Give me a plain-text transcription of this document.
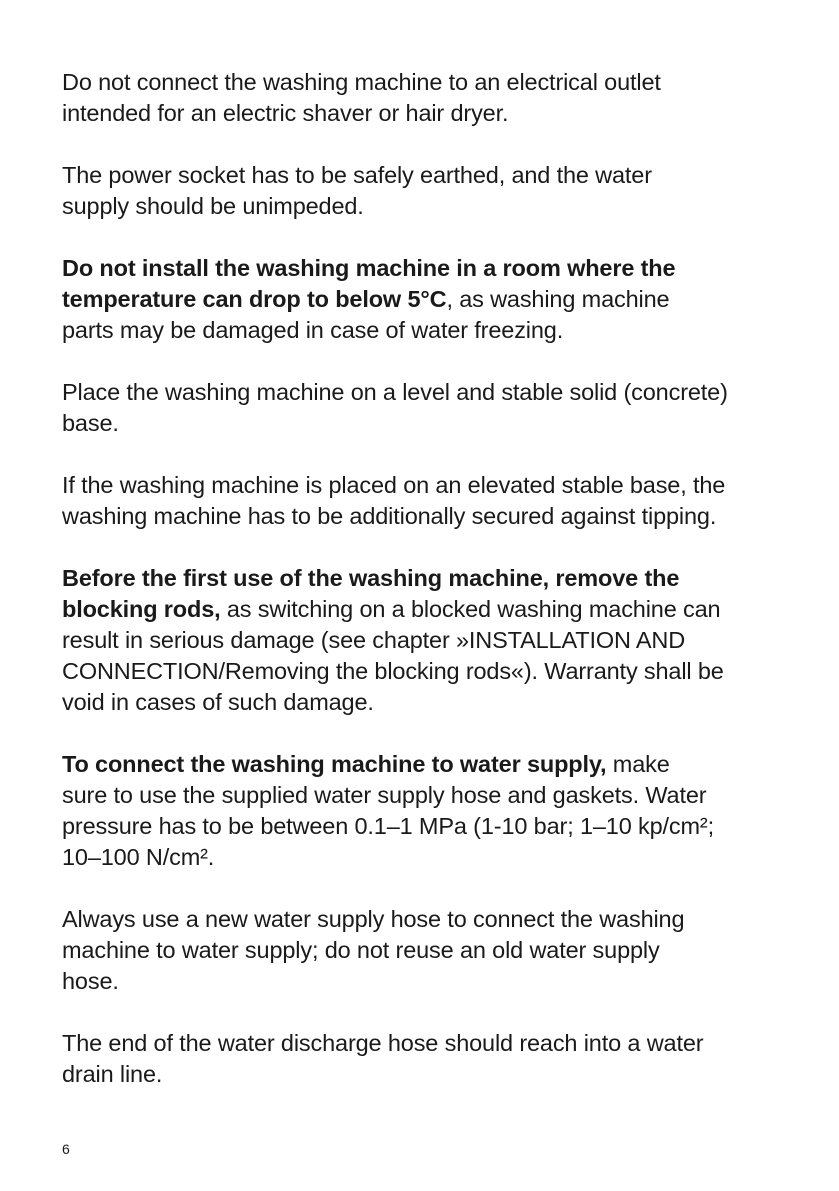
Do not connect the washing machine to an electrical outlet
intended for an electric shaver or hair dryer.

The power socket has to be safely earthed, and the water
supply should be unimpeded.

Do not install the washing machine in a room where the
temperature can drop to below 5°C, as washing machine
parts may be damaged in case of water freezing.

Place the washing machine on a level and stable solid (concrete)
base.

If the washing machine is placed on an elevated stable base, the
washing machine has to be additionally secured against tipping.

Before the first use of the washing machine, remove the
blocking rods, as switching on a blocked washing machine can
result in serious damage (see chapter »INSTALLATION AND
CONNECTION/Removing the blocking rods«). Warranty shall be
void in cases of such damage.

To connect the washing machine to water supply, make
sure to use the supplied water supply hose and gaskets. Water
pressure has to be between 0.1–1 MPa (1-10 bar; 1–10 kp/cm²;
10–100 N/cm².

Always use a new water supply hose to connect the washing
machine to water supply; do not reuse an old water supply
hose.

The end of the water discharge hose should reach into a water
drain line.

6
